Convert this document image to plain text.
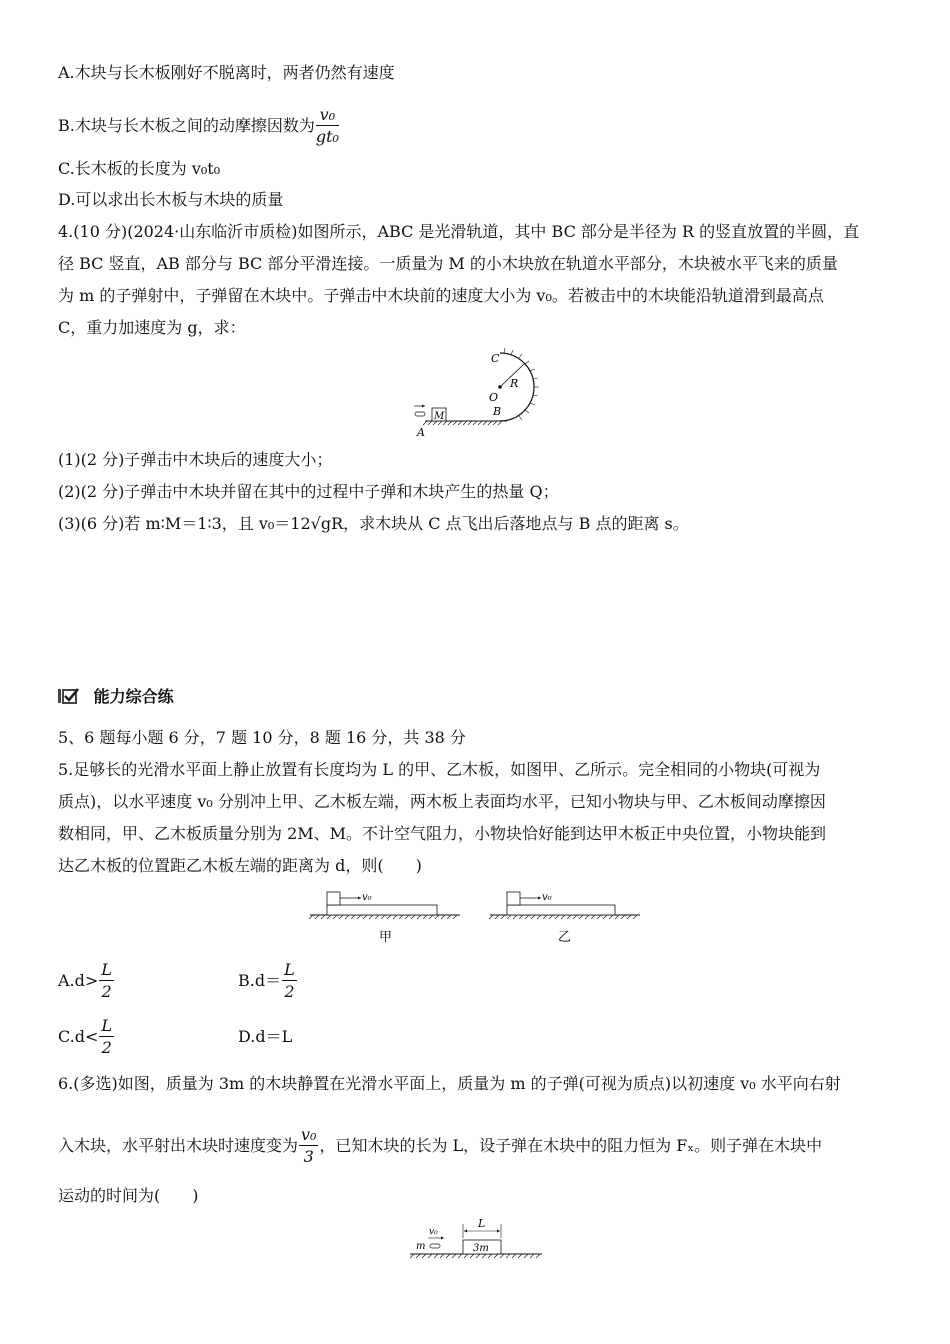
A.木块与长木板刚好不脱离时，两者仍然有速度
B.木块与长木板之间的动摩擦因数为 $\frac{\text{v₀}}{\text{gt₀}}$
C.长木板的长度为 v₀t₀
D.可以求出长木板与木块的质量
4.(10 分)(2024·山东临沂市质检)如图所示，ABC 是光滑轨道，其中 BC 部分是半径为 R 的竖直放置的半圆，直
径 BC 竖直，AB 部分与 BC 部分平滑连接。一质量为 M 的小木块放在轨道水平部分，木块被水平飞来的质量
为 m 的子弹射中，子弹留在木块中。子弹击中木块前的速度大小为 v₀。若被击中的木块能沿轨道滑到最高点
C，重力加速度为 g，求：
M
C
R
O
B
A
(1)(2 分)子弹击中木块后的速度大小；
(2)(2 分)子弹击中木块并留在其中的过程中子弹和木块产生的热量 Q；
(3)(6 分)若 m∶M＝1∶3，且 v₀＝12√gR，求木块从 C 点飞出后落地点与 B 点的距离 s。
能力综合练
5、6 题每小题 6 分，7 题 10 分，8 题 16 分，共 38 分
5.足够长的光滑水平面上静止放置有长度均为 L 的甲、乙木板，如图甲、乙所示。完全相同的小物块(可视为
质点)，以水平速度 v₀ 分别冲上甲、乙木板左端，两木板上表面均水平，已知小物块与甲、乙木板间动摩擦因
数相同，甲、乙木板质量分别为 2M、M。不计空气阻力，小物块恰好能到达甲木板正中央位置，小物块能到
达乙木板的位置距乙木板左端的距离为 d，则(　　)
v₀
甲
v₀
乙
$A.d> \frac{L}{2}$	$B.d= \frac{L}{2}$
$C.d< \frac{L}{2}$	D.d＝L
6.(多选)如图，质量为 3m 的木块静置在光滑水平面上，质量为 m 的子弹(可视为质点)以初速度 v₀ 水平向右射
入木块，水平射出木块时速度变为 $\frac{\text{v₀}}{3}$ ，已知木块的长为 L，设子弹在木块中的阻力恒为 Fₓ。则子弹在木块中
运动的时间为(　　)
3m
L
m
v₀
